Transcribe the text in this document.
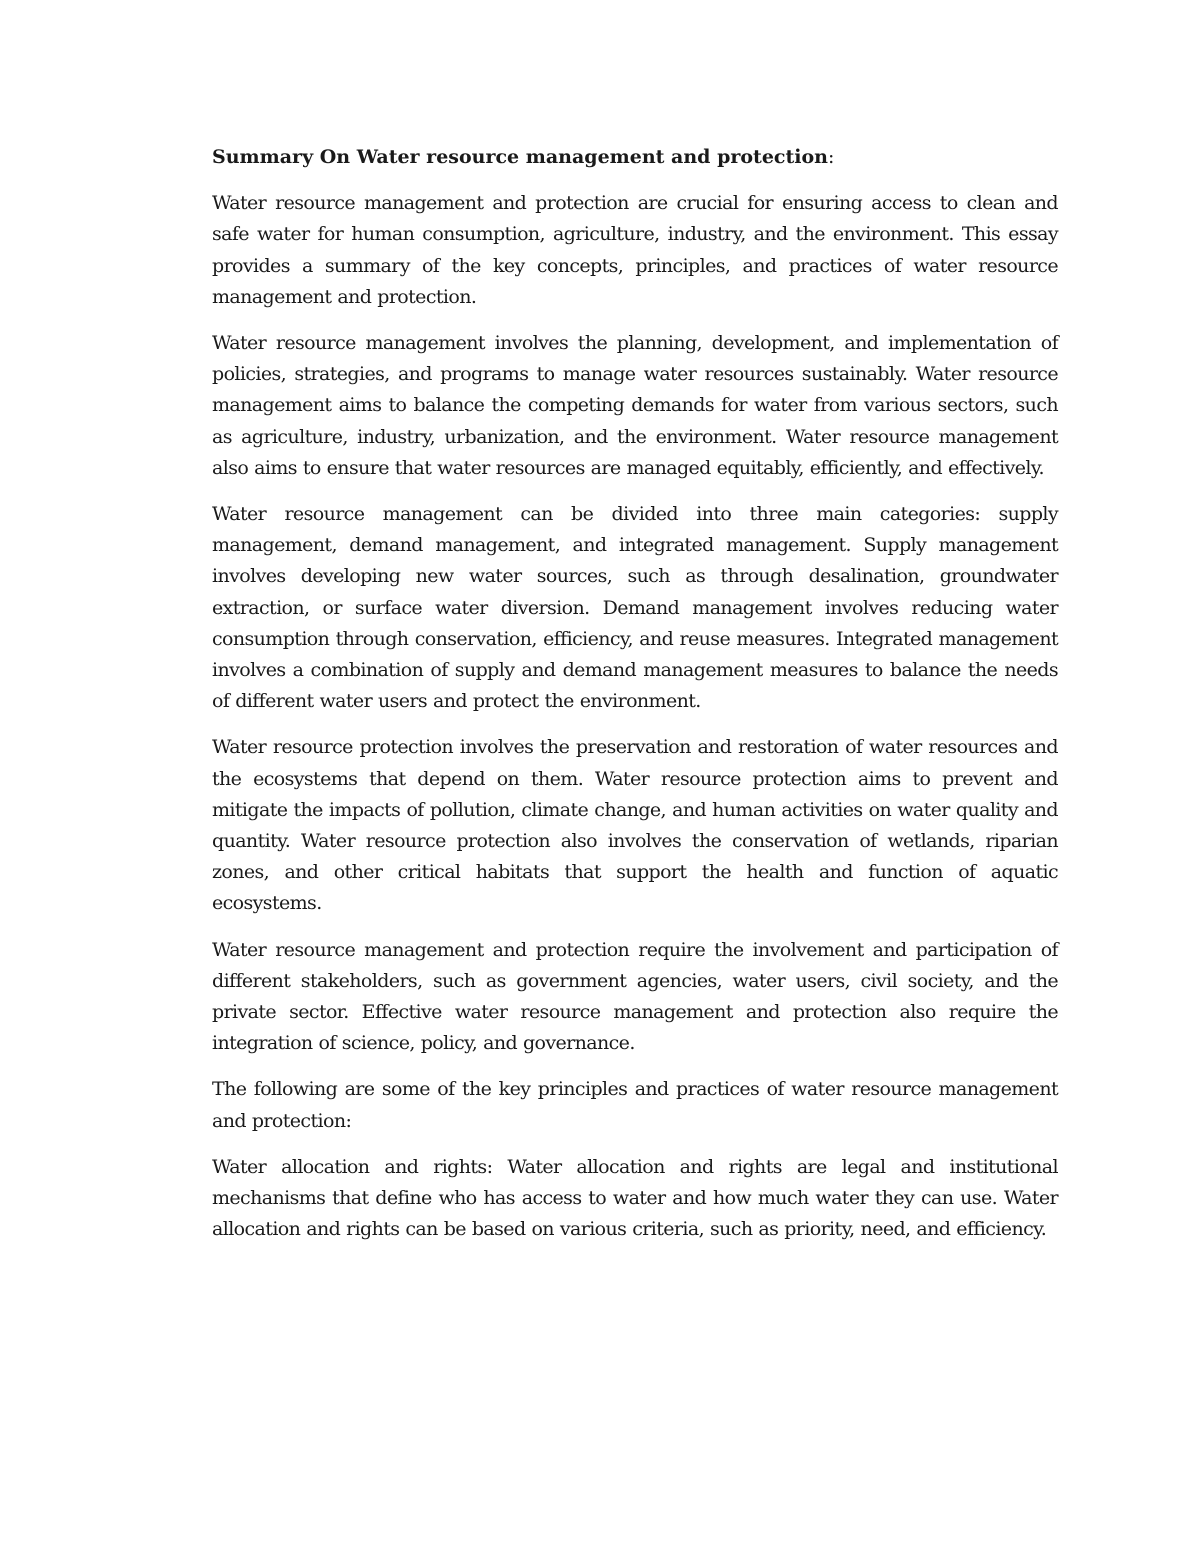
Summary On Water resource management and protection:

Water resource management and protection are crucial for ensuring access to clean and safe water for human consumption, agriculture, industry, and the environment. This essay provides a summary of the key concepts, principles, and practices of water resource management and protection.

Water resource management involves the planning, development, and implementation of policies, strategies, and programs to manage water resources sustainably. Water resource management aims to balance the competing demands for water from various sectors, such as agriculture, industry, urbanization, and the environment. Water resource management also aims to ensure that water resources are managed equitably, efficiently, and effectively.

Water resource management can be divided into three main categories: supply management, demand management, and integrated management. Supply management involves developing new water sources, such as through desalination, groundwater extraction, or surface water diversion. Demand management involves reducing water consumption through conservation, efficiency, and reuse measures. Integrated management involves a combination of supply and demand management measures to balance the needs of different water users and protect the environment.

Water resource protection involves the preservation and restoration of water resources and the ecosystems that depend on them. Water resource protection aims to prevent and mitigate the impacts of pollution, climate change, and human activities on water quality and quantity. Water resource protection also involves the conservation of wetlands, riparian zones, and other critical habitats that support the health and function of aquatic ecosystems.

Water resource management and protection require the involvement and participation of different stakeholders, such as government agencies, water users, civil society, and the private sector. Effective water resource management and protection also require the integration of science, policy, and governance.

The following are some of the key principles and practices of water resource management and protection:

Water allocation and rights: Water allocation and rights are legal and institutional mechanisms that define who has access to water and how much water they can use. Water allocation and rights can be based on various criteria, such as priority, need, and efficiency.
